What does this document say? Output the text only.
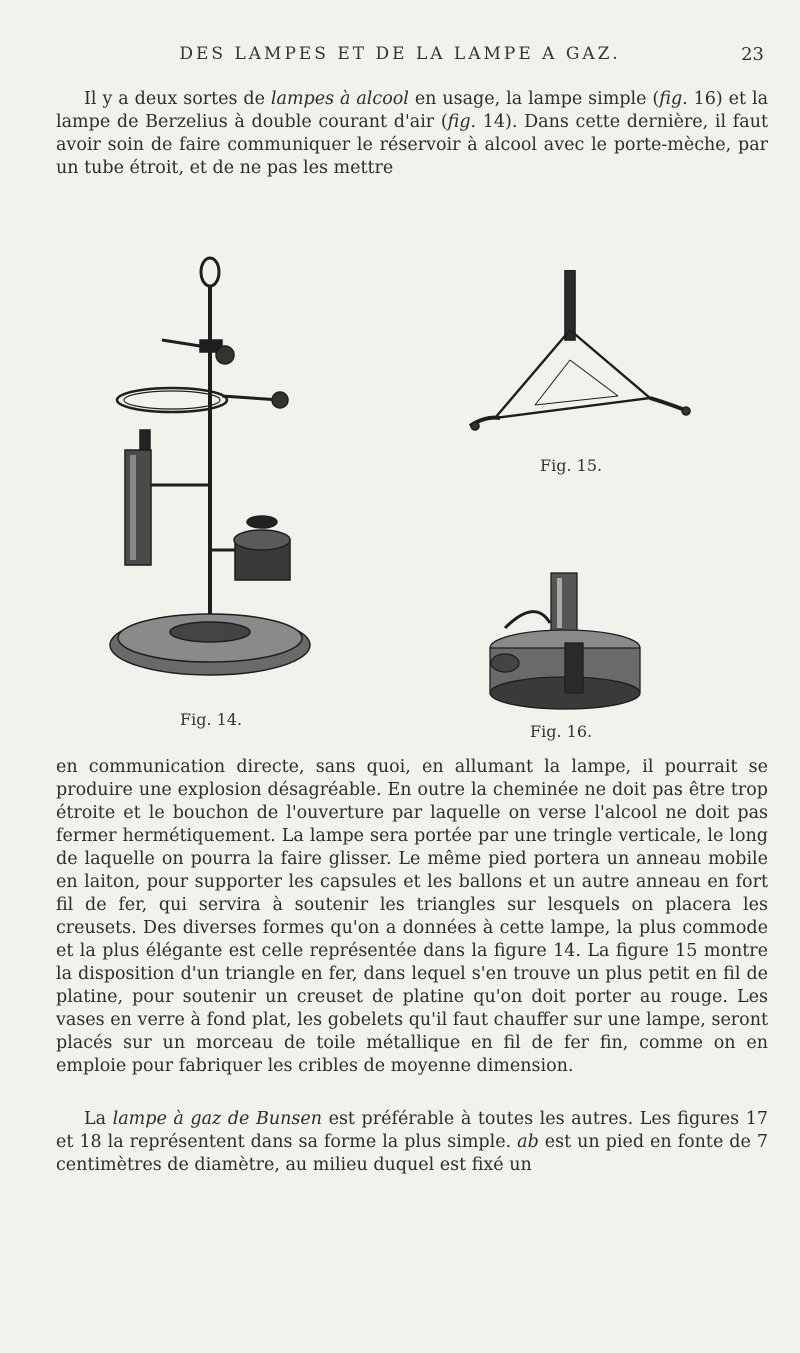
DES LAMPES ET DE LA LAMPE A GAZ.	23

Il y a deux sortes de lampes à alcool en usage, la lampe simple (fig. 16) et la lampe de Berzelius à double courant d'air (fig. 14). Dans cette dernière, il faut avoir soin de faire communiquer le réservoir à alcool avec le porte-mèche, par un tube étroit, et de ne pas les mettre

Fig. 14.
Fig. 15.
Fig. 16.

en communication directe, sans quoi, en allumant la lampe, il pourrait se produire une explosion désagréable. En outre la cheminée ne doit pas être trop étroite et le bouchon de l'ouverture par laquelle on verse l'alcool ne doit pas fermer hermétiquement. La lampe sera portée par une tringle verticale, le long de laquelle on pourra la faire glisser. Le même pied portera un anneau mobile en laiton, pour supporter les capsules et les ballons et un autre anneau en fort fil de fer, qui servira à soutenir les triangles sur lesquels on placera les creusets. Des diverses formes qu'on a données à cette lampe, la plus commode et la plus élégante est celle représentée dans la figure 14. La figure 15 montre la disposition d'un triangle en fer, dans lequel s'en trouve un plus petit en fil de platine, pour soutenir un creuset de platine qu'on doit porter au rouge. Les vases en verre à fond plat, les gobelets qu'il faut chauffer sur une lampe, seront placés sur un morceau de toile métallique en fil de fer fin, comme on en emploie pour fabriquer les cribles de moyenne dimension.

La lampe à gaz de Bunsen est préférable à toutes les autres. Les figures 17 et 18 la représentent dans sa forme la plus simple. ab est un pied en fonte de 7 centimètres de diamètre, au milieu duquel est fixé un
